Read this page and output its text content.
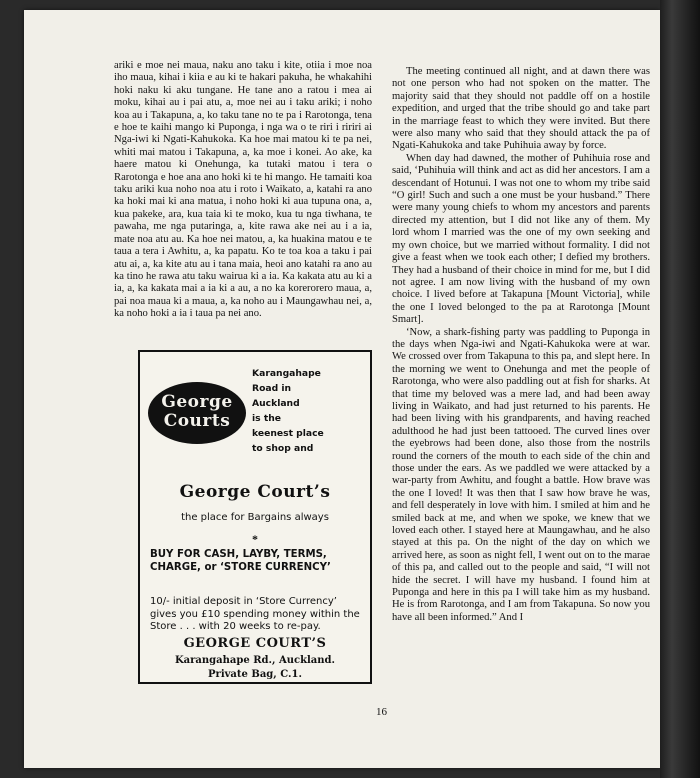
ariki e moe nei maua, naku ano taku i kite, otiia i moe noa iho maua, kihai i kiia e au ki te hakari pakuha, he whakahihi hoki naku ki aku tungane. He tane ano a ratou i mea ai moku, kihai au i pai atu, a, moe nei au i taku ariki; i noho koa au i Takapuna, a, ko taku tane no te pa i Rarotonga, tena e hoe te kaihi mango ki Puponga, i nga wa o te riri i ririri ai Nga-iwi ki Ngati-Kahukoka. Ka hoe mai matou ki te pa nei, whiti mai matou i Takapuna, a, ka moe i konei. Ao ake, ka haere matou ki Onehunga, ka tutaki matou i tera o Rarotonga e hoe ana ano hoki ki te hi mango. He tamaiti koa taku ariki kua noho noa atu i roto i Waikato, a, katahi ra ano ka hoki mai ki ana matua, i noho hoki ki aua tupuna ona, a, kua pakeke, ara, kua taia ki te moko, kua tu nga tiwhana, te pawaha, me nga putaringa, a, kite rawa ake nei au i a ia, mate noa atu au. Ka hoe nei matou, a, ka huakina matou e te taua a tera i Awhitu, a, ka papatu. Ko te toa koa a taku i pai atu ai, a, ka kite atu au i tana maia, heoi ano katahi ra ano au ka tino he rawa atu taku wairua ki a ia. Ka kakata atu au ki a ia, a, ka kakata mai a ia ki a au, a no ka korerorero maua, a, pai noa maua ki a maua, a, ka noho au i Maungawhau nei, a, ka noho hoki a ia i taua pa nei ano.

George
Courts
Karangahape
Road in
Auckland
is the
keenest place
to shop and
George Court’s
the place for Bargains always
*
BUY FOR CASH, LAYBY, TERMS,
CHARGE, or ‘STORE CURRENCY’
10/- initial deposit in ‘Store Currency’ gives you £10 spending money within the Store . . . with 20 weeks to re-pay.
GEORGE COURT’S
Karangahape Rd., Auckland.
Private Bag, C.1.

The meeting continued all night, and at dawn there was not one person who had not spoken on the matter. The majority said that they should not paddle off on a hostile expedition, and urged that the tribe should go and take part in the marriage feast to which they were invited. But there were also many who said that they should attack the pa of Ngati-Kahukoka and take Puhihuia away by force.

When day had dawned, the mother of Puhihuia rose and said, ‘Puhihuia will think and act as did her ancestors. I am a descendant of Hotunui. I was not one to whom my tribe said “O girl! Such and such a one must be your husband.” There were many young chiefs to whom my ancestors and parents directed my attention, but I did not like any of them. My lord whom I married was the one of my own seeking and my own choice, but we married without formality. I did not give a feast when we took each other; I defied my brothers. They had a husband of their choice in mind for me, but I did not agree. I am now living with the husband of my own choice. I lived before at Takapuna [Mount Victoria], while the one I loved belonged to the pa at Rarotonga [Mount Smart].

‘Now, a shark-fishing party was paddling to Puponga in the days when Nga-iwi and Ngati-Kahukoka were at war. We crossed over from Takapuna to this pa, and slept here. In the morning we went to Onehunga and met the people of Rarotonga, who were also paddling out at fish for sharks. At that time my beloved was a mere lad, and had been away living in Waikato, and had just returned to his parents. He had been living with his grandparents, and having reached adulthood he had just been tattooed. The curved lines over the eyebrows had been done, also those from the nostrils round the corners of the mouth to each side of the chin and those under the ears. As we paddled we were attacked by a war-party from Awhitu, and fought a battle. How brave was the one I loved! It was then that I saw how brave he was, and fell desperately in love with him. I smiled at him and he smiled back at me, and when we spoke, we knew that we loved each other. I stayed here at Maungawhau, and he also stayed at this pa. On the night of the day on which we arrived here, as soon as night fell, I went out on to the marae of this pa, and called out to the people and said, “I will not hide the secret. I will have my husband. I found him at Puponga and here in this pa I will take him as my husband. He is from Rarotonga, and I am from Takapuna. So now you have all been informed.” And I

16
